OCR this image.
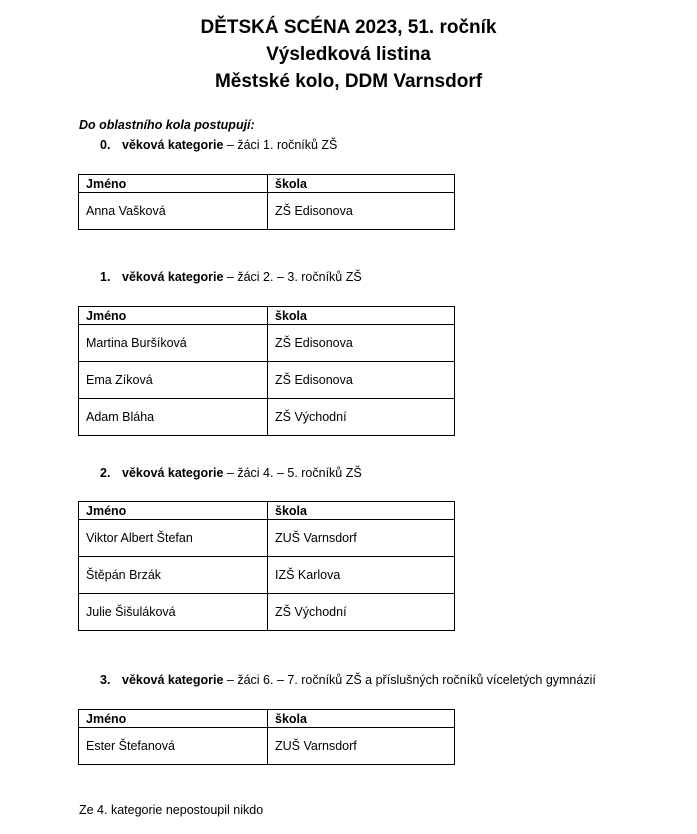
DĚTSKÁ SCÉNA 2023, 51. ročník
Výsledková listina
Městské kolo, DDM Varnsdorf
Do oblastního kola postupují:
0. věková kategorie – žáci 1. ročníků ZŠ
Jméno	škola
Anna Vašková	ZŠ Edisonova
1. věková kategorie – žáci 2. – 3. ročníků ZŠ
Jméno	škola
Martina Buršíková	ZŠ Edisonova
Ema Zíková	ZŠ Edisonova
Adam Bláha	ZŠ Východní
2. věková kategorie – žáci 4. – 5. ročníků ZŠ
Jméno	škola
Viktor Albert Štefan	ZUŠ Varnsdorf
Štěpán Brzák	IZŠ Karlova
Julie Šišuláková	ZŠ Východní
3. věková kategorie – žáci 6. – 7. ročníků ZŠ a příslušných ročníků víceletých gymnázií
Jméno	škola
Ester Štefanová	ZUŠ Varnsdorf
Ze 4. kategorie nepostoupil nikdo
